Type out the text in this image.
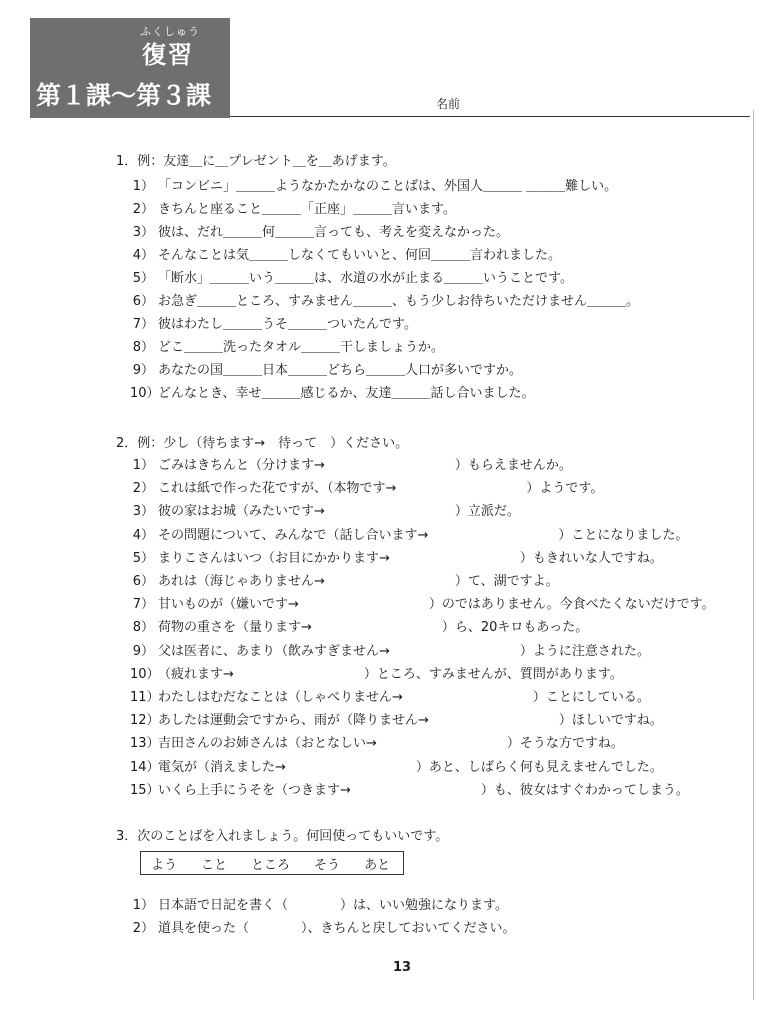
ふくしゅう
復習
第１課～第３課	名前
1．例：友達＿に＿プレゼント＿を＿あげます。
1） 「コンビニ」＿＿＿ようなかたかなのことばは、外国人＿＿＿ ＿＿＿難しい。
2） きちんと座ること＿＿＿「正座」＿＿＿言います。
3） 彼は、だれ＿＿＿何＿＿＿言っても、考えを変えなかった。
4） そんなことは気＿＿＿しなくてもいいと、何回＿＿＿言われました。
5） 「断水」＿＿＿いう＿＿＿は、水道の水が止まる＿＿＿いうことです。
6） お急ぎ＿＿＿ところ、すみません＿＿＿、もう少しお待ちいただけません＿＿＿。
7） 彼はわたし＿＿＿うそ＿＿＿ついたんです。
8） どこ＿＿＿洗ったタオル＿＿＿干しましょうか。
9） あなたの国＿＿＿日本＿＿＿どちら＿＿＿人口が多いですか。
10）どんなとき、幸せ＿＿＿感じるか、友達＿＿＿話し合いました。
2．例：少し（待ちます→　待って　）ください。
1） ごみはきちんと（分けます→　　　　　　　　　　）もらえませんか。
2） これは紙で作った花ですが、（本物です→　　　　　　　　　　）ようです。
3） 彼の家はお城（みたいです→　　　　　　　　　　）立派だ。
4） その問題について、みんなで（話し合います→　　　　　　　　　　）ことになりました。
5） まりこさんはいつ（お目にかかります→　　　　　　　　　　）もきれいな人ですね。
6） あれは（海じゃありません→　　　　　　　　　　）て、湖ですよ。
7） 甘いものが（嫌いです→　　　　　　　　　　）のではありません。今食べたくないだけです。
8） 荷物の重さを（量ります→　　　　　　　　　　）ら、20キロもあった。
9） 父は医者に、あまり（飲みすぎません→　　　　　　　　　　）ように注意された。
10）（疲れます→　　　　　　　　　　）ところ、すみませんが、質問があります。
11）わたしはむだなことは（しゃべりません→　　　　　　　　　　）ことにしている。
12）あしたは運動会ですから、雨が（降りません→　　　　　　　　　　）ほしいですね。
13）吉田さんのお姉さんは（おとなしい→　　　　　　　　　　）そうな方ですね。
14）電気が（消えました→　　　　　　　　　　）あと、しばらく何も見えませんでした。
15）いくら上手にうそを（つきます→　　　　　　　　　　）も、彼女はすぐわかってしまう。
3．次のことばを入れましょう。何回使ってもいいです。
よう こと ところ そう あと
1） 日本語で日記を書く（　　　　）は、いい勉強になります。
2） 道具を使った（　　　　）、きちんと戻しておいてください。
13
